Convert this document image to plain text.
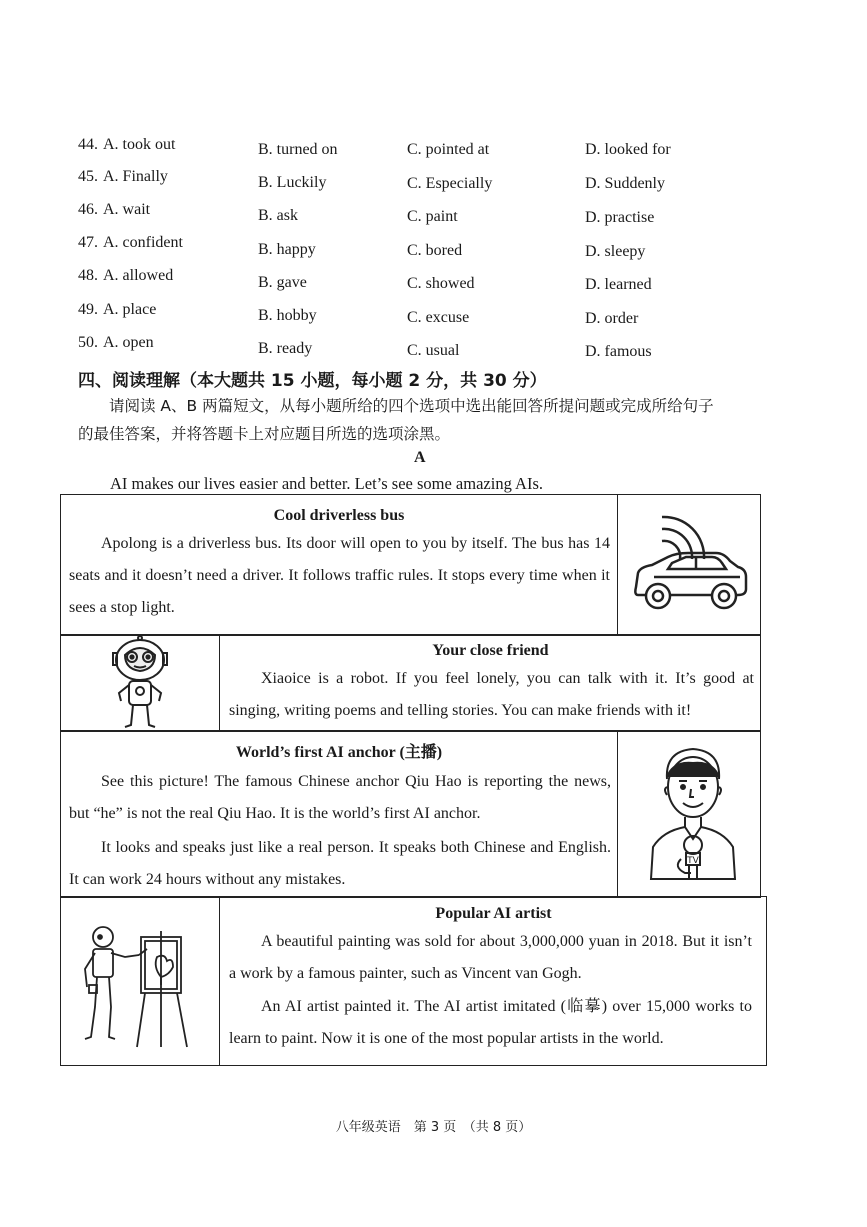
44. A. took out	B. turned on	C. pointed at	D. looked for
45. A. Finally	B. Luckily	C. Especially	D. Suddenly
46. A. wait	B. ask	C. paint	D. practise
47. A. confident	B. happy	C. bored	D. sleepy
48. A. allowed	B. gave	C. showed	D. learned
49. A. place	B. hobby	C. excuse	D. order
50. A. open	B. ready	C. usual	D. famous
四、阅读理解（本大题共 15 小题，每小题 2 分，共 30 分）
请阅读 A、B 两篇短文，从每小题所给的四个选项中选出能回答所提问题或完成所给句子
的最佳答案，并将答题卡上对应题目所选的选项涂黑。
A
AI makes our lives easier and better. Let’s see some amazing AIs.
Cool driverless bus
Apolong is a driverless bus. Its door will open to you by itself. The bus has 14 seats and it doesn’t need a driver. It follows traffic rules. It stops every time when it sees a stop light.
Your close friend
Xiaoice is a robot. If you feel lonely, you can talk with it. It’s good at singing, writing poems and telling stories. You can make friends with it!
World’s first AI anchor (主播)
See this picture! The famous Chinese anchor Qiu Hao is reporting the news, but “he” is not the real Qiu Hao. It is the world’s first AI anchor.
It looks and speaks just like a real person. It speaks both Chinese and English. It can work 24 hours without any mistakes.
TV
Popular AI artist
A beautiful painting was sold for about 3,000,000 yuan in 2018. But it isn’t a work by a famous painter, such as Vincent van Gogh.
An AI artist painted it. The AI artist imitated (临摹) over 15,000 works to learn to paint. Now it is one of the most popular artists in the world.
八年级英语　第 3 页　（共 8 页）
